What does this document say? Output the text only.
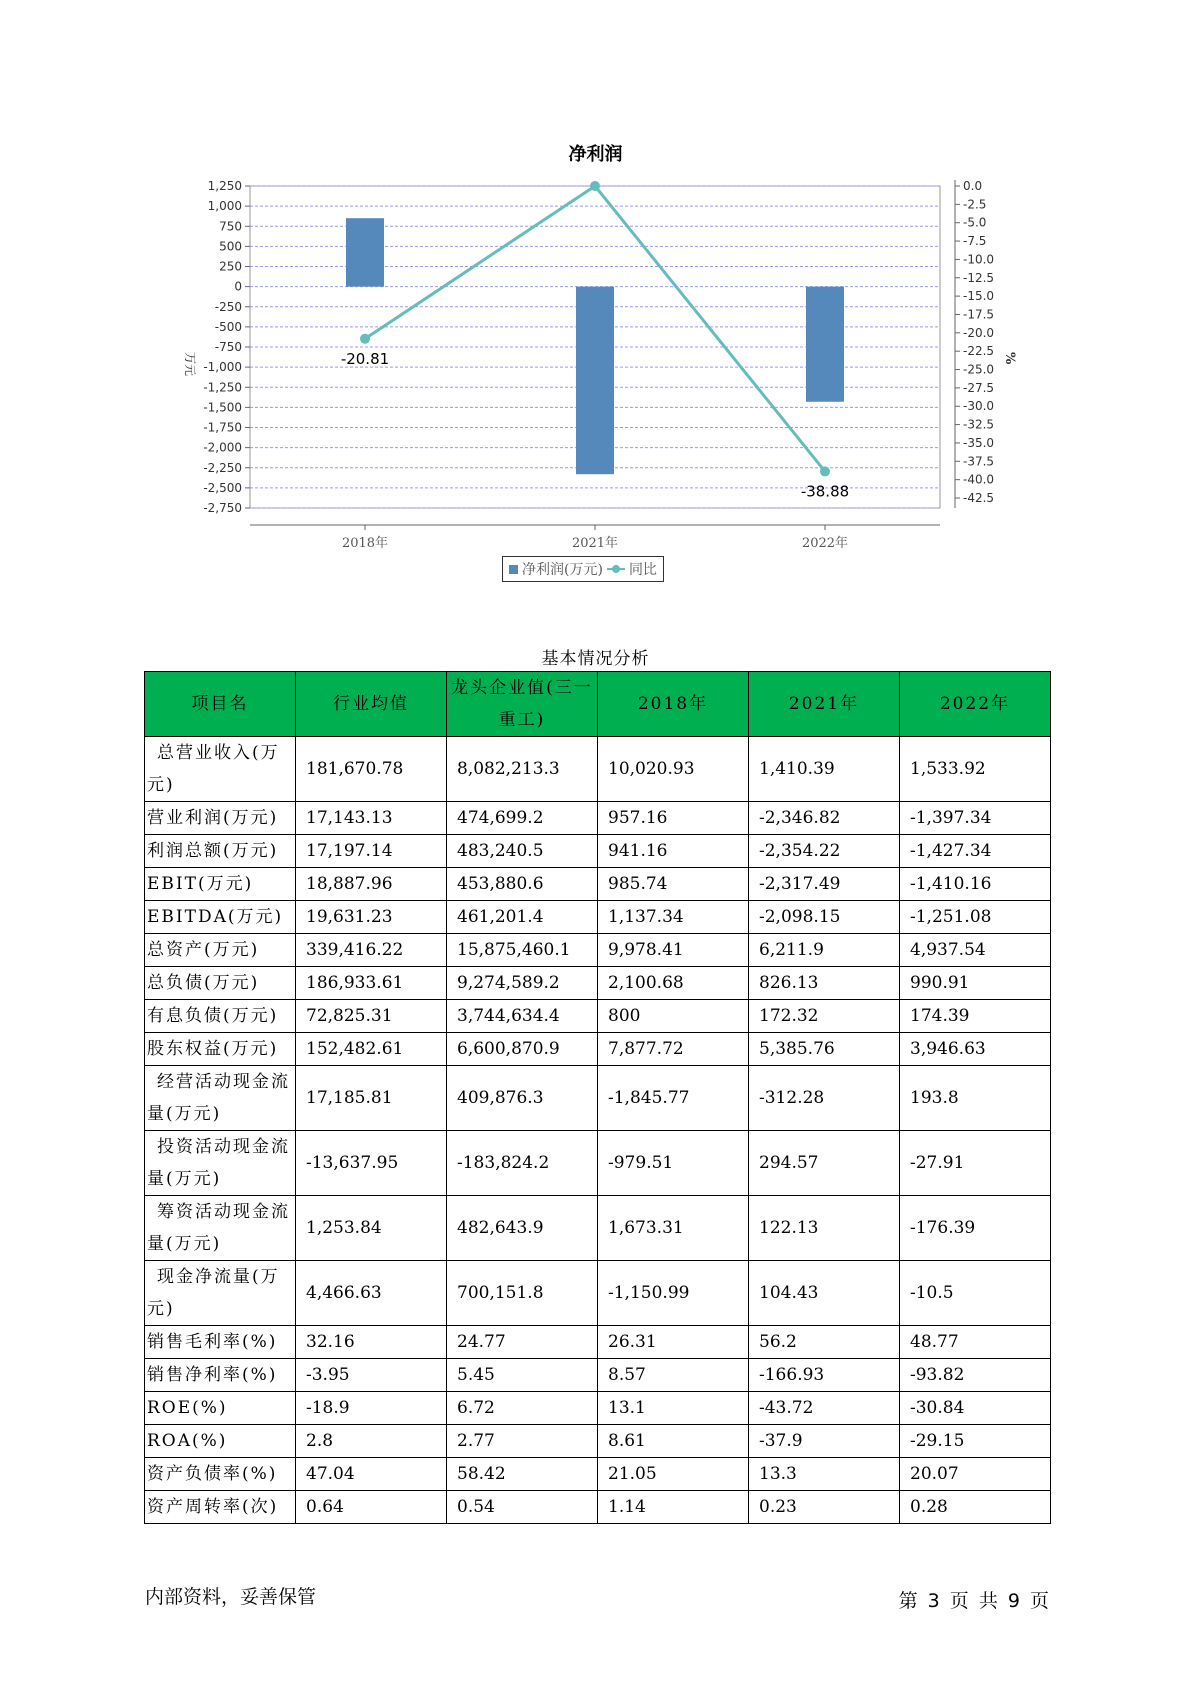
1,250
1,000
750
500
250
0
-250
-500
-750
-1,000
-1,250
-1,500
-1,750
-2,000
-2,250
-2,500
-2,750
0.0
-2.5
-5.0
-7.5
-10.0
-12.5
-15.0
-17.5
-20.0
-22.5
-25.0
-27.5
-30.0
-32.5
-35.0
-37.5
-40.0
-42.5
2018年	2021年	2022年
万元	%
-20.81
-38.88
净利润
净利润(万元) 同比
基本情况分析
项目名	行业均值	龙头企业值(三一重工)	2018年	2021年	2022年
总营业收入(万元)	181,670.78	8,082,213.3	10,020.93	1,410.39	1,533.92
营业利润(万元)	17,143.13	474,699.2	957.16	-2,346.82	-1,397.34
利润总额(万元)	17,197.14	483,240.5	941.16	-2,354.22	-1,427.34
EBIT(万元)	18,887.96	453,880.6	985.74	-2,317.49	-1,410.16
EBITDA(万元)	19,631.23	461,201.4	1,137.34	-2,098.15	-1,251.08
总资产(万元)	339,416.22	15,875,460.1	9,978.41	6,211.9	4,937.54
总负债(万元)	186,933.61	9,274,589.2	2,100.68	826.13	990.91
有息负债(万元)	72,825.31	3,744,634.4	800	172.32	174.39
股东权益(万元)	152,482.61	6,600,870.9	7,877.72	5,385.76	3,946.63
经营活动现金流量(万元)	17,185.81	409,876.3	-1,845.77	-312.28	193.8
投资活动现金流量(万元)	-13,637.95	-183,824.2	-979.51	294.57	-27.91
筹资活动现金流量(万元)	1,253.84	482,643.9	1,673.31	122.13	-176.39
现金净流量(万元)	4,466.63	700,151.8	-1,150.99	104.43	-10.5
销售毛利率(%)	32.16	24.77	26.31	56.2	48.77
销售净利率(%)	-3.95	5.45	8.57	-166.93	-93.82
ROE(%)	-18.9	6.72	13.1	-43.72	-30.84
ROA(%)	2.8	2.77	8.61	-37.9	-29.15
资产负债率(%)	47.04	58.42	21.05	13.3	20.07
资产周转率(次)	0.64	0.54	1.14	0.23	0.28
内部资料，妥善保管	第 3 页 共 9 页
